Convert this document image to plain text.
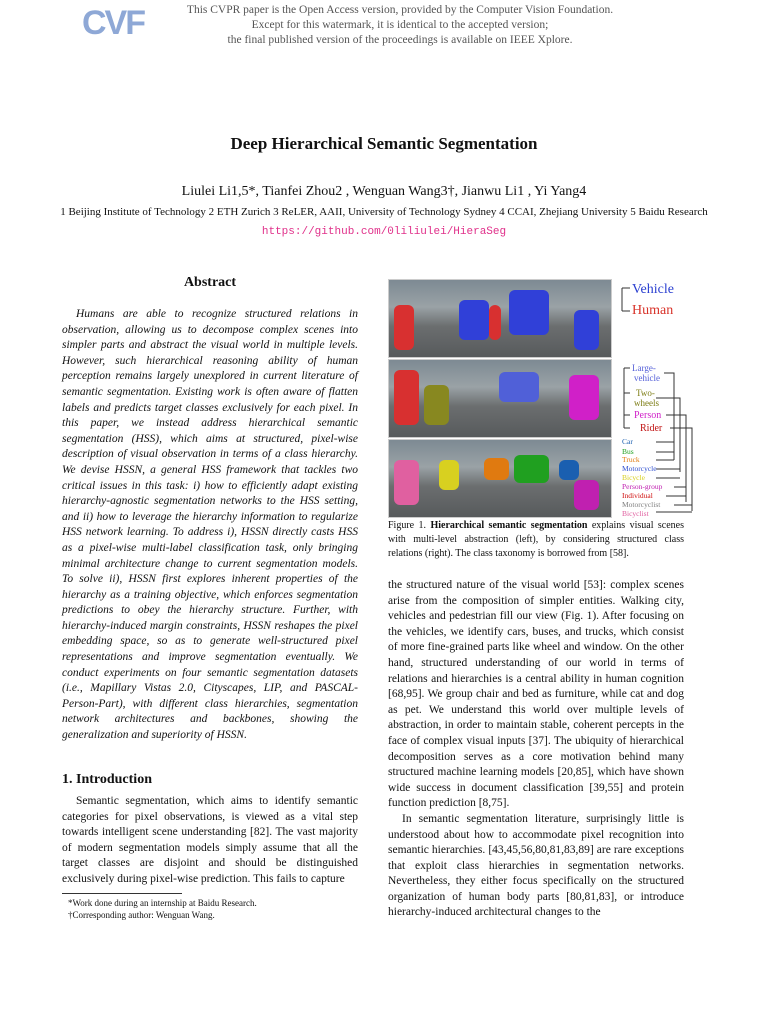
CVF	This CVPR paper is the Open Access version, provided by the Computer Vision Foundation.
Except for this watermark, it is identical to the accepted version;
the final published version of the proceedings is available on IEEE Xplore.
Deep Hierarchical Semantic Segmentation
Liulei Li1,5*, Tianfei Zhou2 , Wenguan Wang3†, Jianwu Li1 , Yi Yang4
1 Beijing Institute of Technology 2 ETH Zurich 3 ReLER, AAII, University of Technology Sydney 4 CCAI, Zhejiang University 5 Baidu Research
https://github.com/0liliulei/HieraSeg
Abstract
Humans are able to recognize structured relations in observation, allowing us to decompose complex scenes into simpler parts and abstract the visual world in multiple levels. However, such hierarchical reasoning ability of human perception remains largely unexplored in current literature of semantic segmentation. Existing work is often aware of flatten labels and predicts target classes exclusively for each pixel. In this paper, we instead address hierarchical semantic segmentation (HSS), which aims at structured, pixel-wise description of visual observation in terms of a class hierarchy. We devise HSSN, a general HSS framework that tackles two critical issues in this task: i) how to efficiently adapt existing hierarchy-agnostic segmentation networks to the HSS setting, and ii) how to leverage the hierarchy information to regularize HSS network learning. To address i), HSSN directly casts HSS as a pixel-wise multi-label classification task, only bringing minimal architecture change to current segmentation models. To solve ii), HSSN first explores inherent properties of the hierarchy as a training objective, which enforces segmentation predictions to obey the hierarchy structure. Further, with hierarchy-induced margin constraints, HSSN reshapes the pixel embedding space, so as to generate well-structured pixel representations and improve segmentation eventually. We conduct experiments on four semantic segmentation datasets (i.e., Mapillary Vistas 2.0, Cityscapes, LIP, and PASCAL-Person-Part), with different class hierarchies, segmentation network architectures and backbones, showing the generalization and superiority of HSSN.
1. Introduction
Semantic segmentation, which aims to identify semantic categories for pixel observations, is viewed as a vital step towards intelligent scene understanding [82]. The vast majority of modern segmentation models simply assume that all the target classes are disjoint and should be distinguished exclusively during pixel-wise prediction. This fails to capture
*Work done during an internship at Baidu Research.
†Corresponding author: Wenguan Wang.
Vehicle
Human
Large-
vehicle
Two-
wheels
Person
Rider
Car
Bus
Truck
Motorcycle
Bicycle
Person-group
Individual
Motorcyclist
Bicyclist
Figure 1. Hierarchical semantic segmentation explains visual scenes with multi-level abstraction (left), by considering structured class relations (right). The class taxonomy is borrowed from [58].

the structured nature of the visual world [53]: complex scenes arise from the composition of simpler entities. Walking city, vehicles and pedestrian fill our view (Fig. 1). After focusing on the vehicles, we identify cars, buses, and trucks, which consist of more fine-grained parts like wheel and window. On the other hand, structured understanding of our world in terms of relations and hierarchies is a central ability in human cognition [68,95]. We group chair and bed as furniture, while cat and dog as pet. We understand this world over multiple levels of abstraction, in order to maintain stable, coherent percepts in the face of complex visual inputs [37]. The ubiquity of hierarchical decomposition serves as a core motivation behind many structured machine learning models [20,85], which have shown wide success in document classification [39,55] and protein function prediction [8,75].

In semantic segmentation literature, surprisingly little is understood about how to accommodate pixel recognition into semantic hierarchies. [43,45,56,80,81,83,89] are rare exceptions that exploit class hierarchies in segmentation networks. Nevertheless, they either focus specifically on the structured organization of human body parts [80,81,83], or introduce hierarchy-induced architectural changes to the
